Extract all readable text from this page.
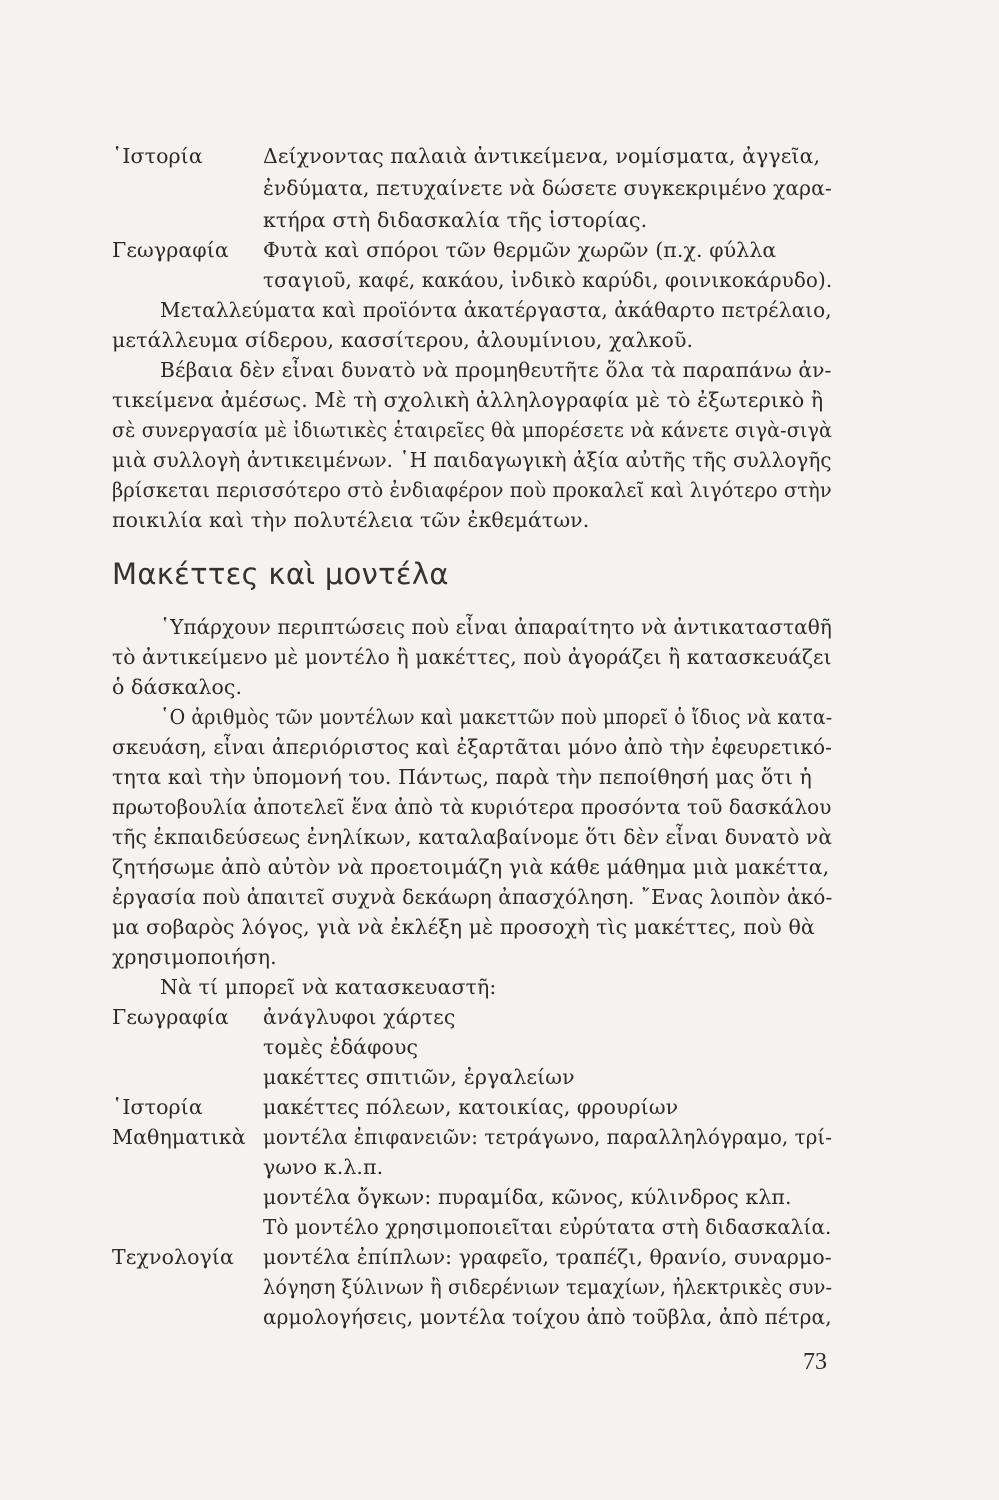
῾Ιστορία	Δείχνοντας παλαιὰ ἀντικείμενα, νομίσματα, ἀγγεῖα,
ἐνδύματα, πετυχαίνετε νὰ δώσετε συγκεκριμένο χαρα-
κτήρα στὴ διδασκαλία τῆς ἱστορίας.
Γεωγραφία Φυτὰ καὶ σπόροι τῶν θερμῶν χωρῶν (π.χ. φύλλα
τσαγιοῦ, καφέ, κακάου, ἰνδικὸ καρύδι, φοινικοκάρυδο).
Μεταλλεύματα καὶ προϊόντα ἀκατέργαστα, ἀκάθαρτο πετρέλαιο,
μετάλλευμα σίδερου, κασσίτερου, ἀλουμίνιου, χαλκοῦ.
Βέβαια δὲν εἶναι δυνατὸ νὰ προμηθευτῆτε ὅλα τὰ παραπάνω ἀν-
τικείμενα ἀμέσως. Μὲ τὴ σχολικὴ ἀλληλογραφία μὲ τὸ ἐξωτερικὸ ἢ
σὲ συνεργασία μὲ ἰδιωτικὲς ἑταιρεῖες θὰ μπορέσετε νὰ κάνετε σιγὰ-σιγὰ
μιὰ συλλογὴ ἀντικειμένων. ῾Η παιδαγωγικὴ ἀξία αὐτῆς τῆς συλλογῆς
βρίσκεται περισσότερο στὸ ἐνδιαφέρον ποὺ προκαλεῖ καὶ λιγότερο στὴν
ποικιλία καὶ τὴν πολυτέλεια τῶν ἐκθεμάτων.
Μακέττες καὶ μοντέλα
῾Υπάρχουν περιπτώσεις ποὺ εἶναι ἀπαραίτητο νὰ ἀντικατασταθῆ
τὸ ἀντικείμενο μὲ μοντέλο ἢ μακέττες, ποὺ ἀγοράζει ἢ κατασκευάζει
ὁ δάσκαλος.
῾Ο ἀριθμὸς τῶν μοντέλων καὶ μακεττῶν ποὺ μπορεῖ ὁ ἴδιος νὰ κατα-
σκευάση, εἶναι ἀπεριόριστος καὶ ἐξαρτᾶται μόνο ἀπὸ τὴν ἐφευρετικό-
τητα καὶ τὴν ὑπομονή του. Πάντως, παρὰ τὴν πεποίθησή μας ὅτι ἡ
πρωτοβουλία ἀποτελεῖ ἕνα ἀπὸ τὰ κυριότερα προσόντα τοῦ δασκάλου
τῆς ἐκπαιδεύσεως ἐνηλίκων, καταλαβαίνομε ὅτι δὲν εἶναι δυνατὸ νὰ
ζητήσωμε ἀπὸ αὐτὸν νὰ προετοιμάζη γιὰ κάθε μάθημα μιὰ μακέττα,
ἐργασία ποὺ ἀπαιτεῖ συχνὰ δεκάωρη ἀπασχόληση. ῎Ενας λοιπὸν ἀκό-
μα σοβαρὸς λόγος, γιὰ νὰ ἐκλέξη μὲ προσοχὴ τὶς μακέττες, ποὺ θὰ
χρησιμοποιήση.
Νὰ τί μπορεῖ νὰ κατασκευαστῆ:
Γεωγραφία ἀνάγλυφοι χάρτες
τομὲς ἐδάφους
μακέττες σπιτιῶν, ἐργαλείων
῾Ιστορία	μακέττες πόλεων, κατοικίας, φρουρίων
Μαθηματικὰ μοντέλα ἐπιφανειῶν: τετράγωνο, παραλληλόγραμο, τρί-
γωνο κ.λ.π.
μοντέλα ὄγκων: πυραμίδα, κῶνος, κύλινδρος κλπ.
Τὸ μοντέλο χρησιμοποιεῖται εὐρύτατα στὴ διδασκαλία.
Τεχνολογία μοντέλα ἐπίπλων: γραφεῖο, τραπέζι, θρανίο, συναρμο-
λόγηση ξύλινων ἢ σιδερένιων τεμαχίων, ἠλεκτρικὲς συν-
αρμολογήσεις, μοντέλα τοίχου ἀπὸ τοῦβλα, ἀπὸ πέτρα,
73
